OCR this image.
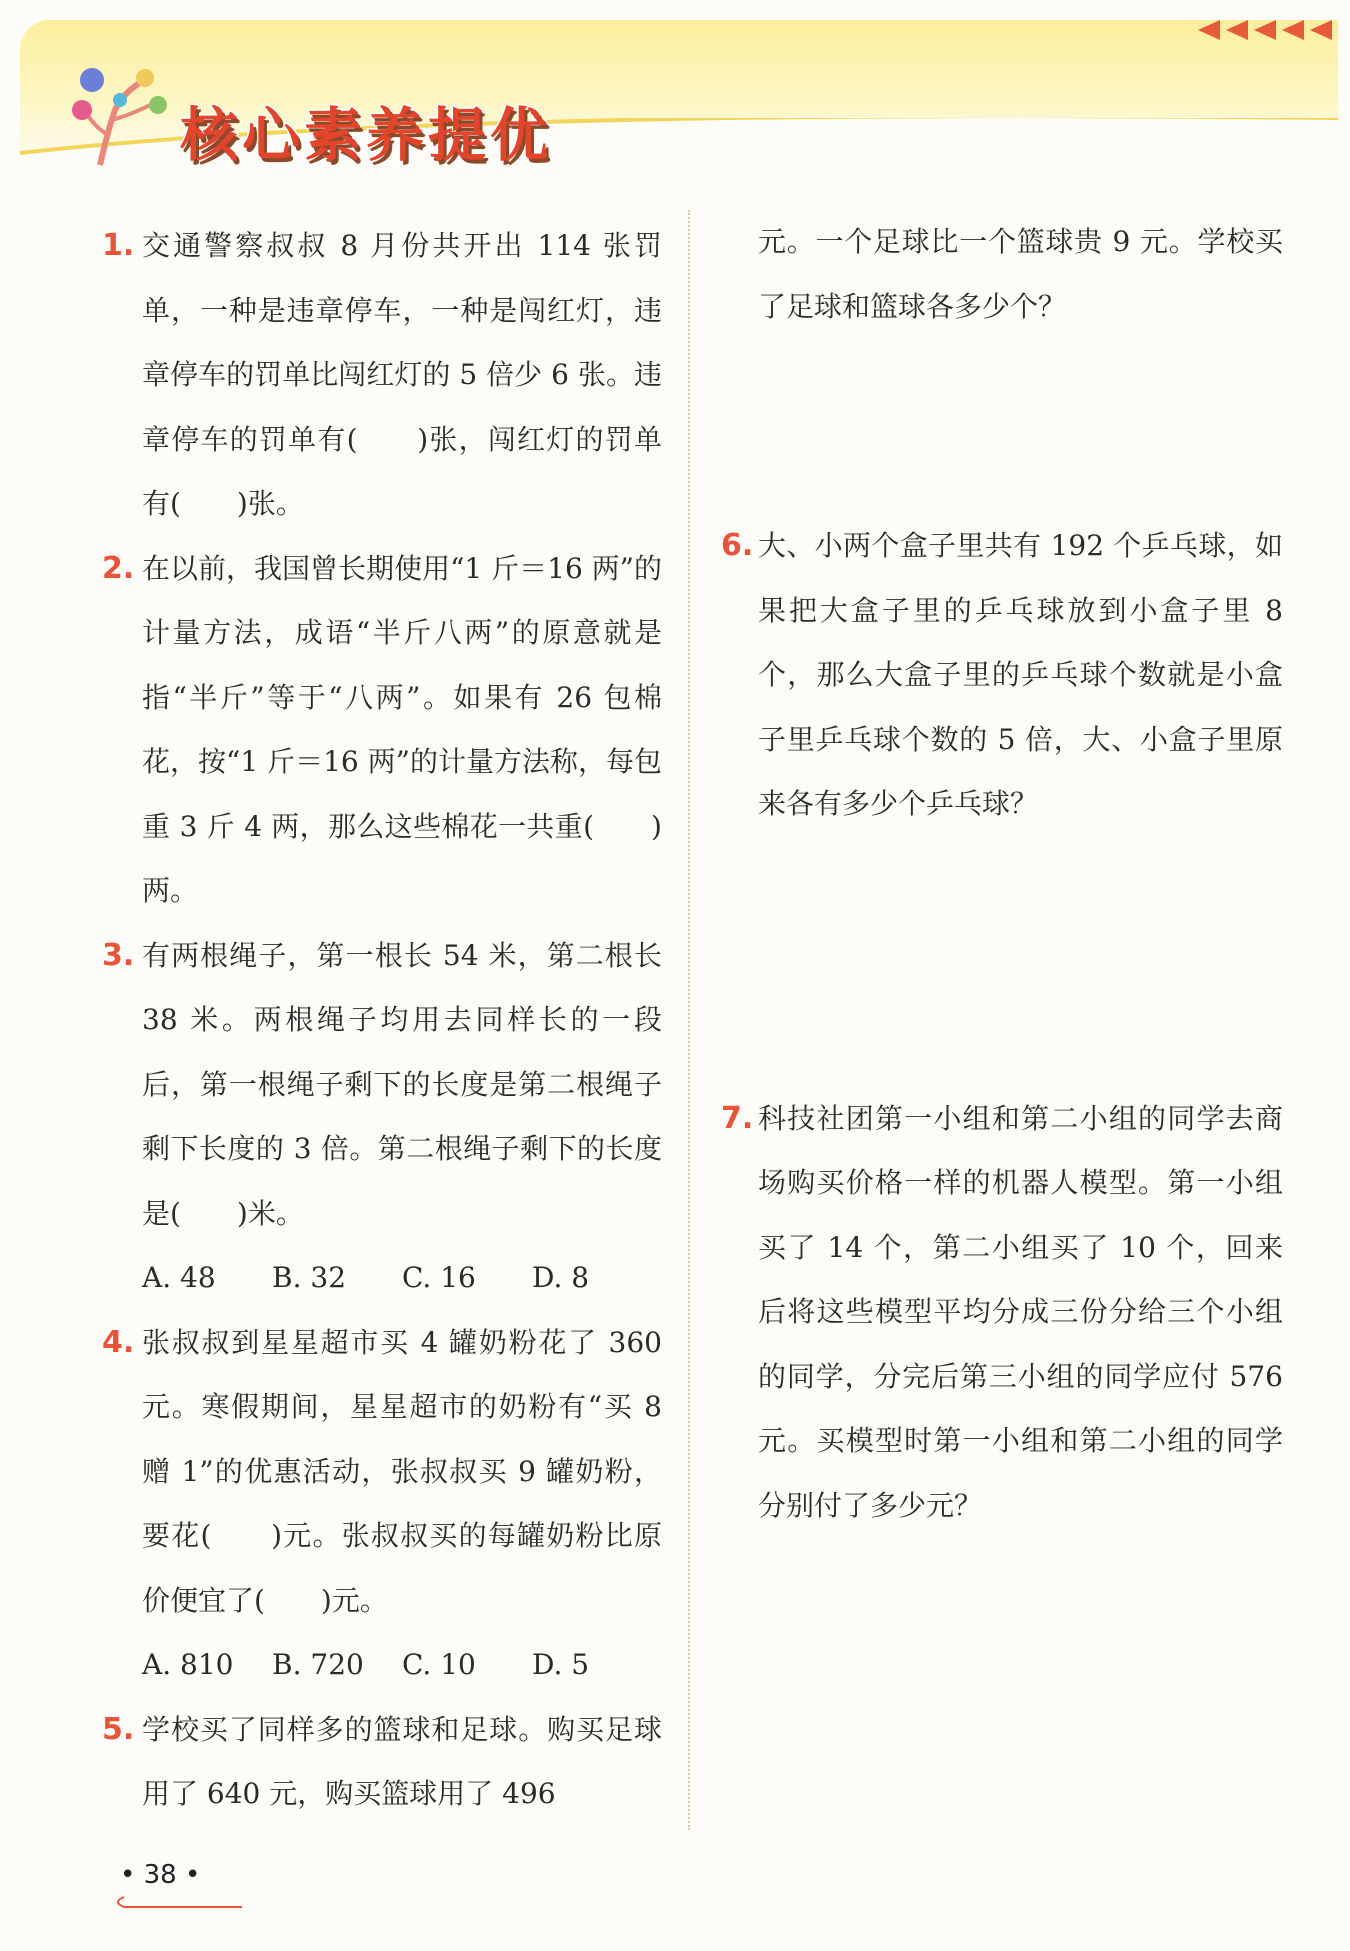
核心素养提优
1. 交通警察叔叔 8 月份共开出 114 张罚单，一种是违章停车，一种是闯红灯，违章停车的罚单比闯红灯的 5 倍少 6 张。违章停车的罚单有(　　)张，闯红灯的罚单有(　　)张。
2. 在以前，我国曾长期使用“1 斤＝16 两”的计量方法，成语“半斤八两”的原意就是指“半斤”等于“八两”。如果有 26 包棉花，按“1 斤＝16 两”的计量方法称，每包重 3 斤 4 两，那么这些棉花一共重(　　)两。
3. 有两根绳子，第一根长 54 米，第二根长 38 米。两根绳子均用去同样长的一段后，第一根绳子剩下的长度是第二根绳子剩下长度的 3 倍。第二根绳子剩下的长度是(　　)米。
A. 48	B. 32	C. 16	D. 8
4. 张叔叔到星星超市买 4 罐奶粉花了 360 元。寒假期间，星星超市的奶粉有“买 8 赠 1”的优惠活动，张叔叔买 9 罐奶粉，要花(　　)元。张叔叔买的每罐奶粉比原价便宜了(　　)元。
A. 810	B. 720	C. 10	D. 5
5. 学校买了同样多的篮球和足球。购买足球用了 640 元，购买篮球用了 496
元。一个足球比一个篮球贵 9 元。学校买了足球和篮球各多少个？
6. 大、小两个盒子里共有 192 个乒乓球，如果把大盒子里的乒乓球放到小盒子里 8 个，那么大盒子里的乒乓球个数就是小盒子里乒乓球个数的 5 倍，大、小盒子里原来各有多少个乒乓球？
7. 科技社团第一小组和第二小组的同学去商场购买价格一样的机器人模型。第一小组买了 14 个，第二小组买了 10 个，回来后将这些模型平均分成三份分给三个小组的同学，分完后第三小组的同学应付 576 元。买模型时第一小组和第二小组的同学分别付了多少元？
• 38 •
